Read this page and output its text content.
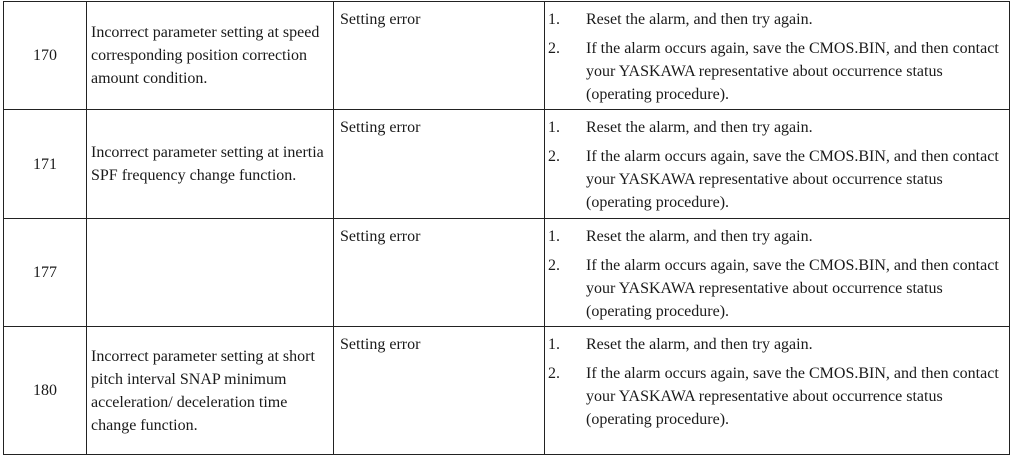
170	Incorrect parameter setting at speed corresponding position correction amount condition.	Setting error	1. Reset the alarm, and then try again.
2. If the alarm occurs again, save the CMOS.BIN, and then contact your YASKAWA representative about occurrence status (operating procedure).

171	Incorrect parameter setting at inertia SPF frequency change function.	Setting error	1. Reset the alarm, and then try again.
2. If the alarm occurs again, save the CMOS.BIN, and then contact your YASKAWA representative about occurrence status (operating procedure).

177		Setting error	1. Reset the alarm, and then try again.
2. If the alarm occurs again, save the CMOS.BIN, and then contact your YASKAWA representative about occurrence status (operating procedure).

180	Incorrect parameter setting at short pitch interval SNAP minimum acceleration/ deceleration time change function.	Setting error	1. Reset the alarm, and then try again.
2. If the alarm occurs again, save the CMOS.BIN, and then contact your YASKAWA representative about occurrence status (operating procedure).
